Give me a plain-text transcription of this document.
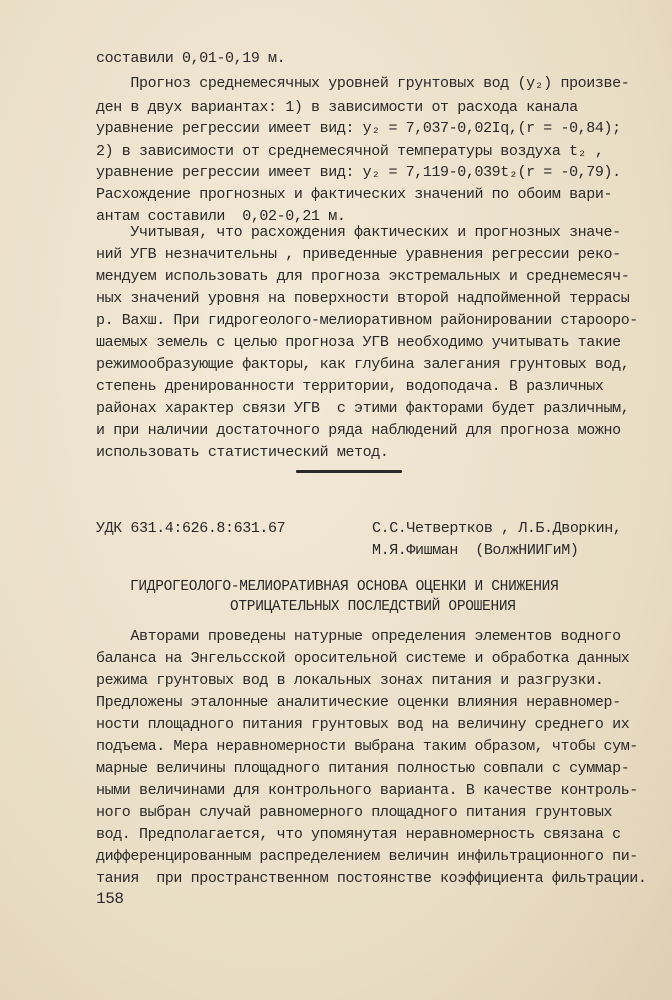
составили 0,01-0,19 м.
Прогноз среднемесячных уровней грунтовых вод (y₂) произве-
ден в двух вариантах: 1) в зависимости от расхода канала
уравнение регрессии имеет вид: y₂ = 7,037-0,02Iq,(r = -0,84);
2) в зависимости от среднемесячной температуры воздуха t₂ ,
уравнение регрессии имеет вид: y₂ = 7,119-0,039t₂(r = -0,79).
Расхождение прогнозных и фактических значений по обоим вари-
антам составили  0,02-0,21 м.
Учитывая, что расхождения фактических и прогнозных значе-
ний УГВ незначительны , приведенные уравнения регрессии реко-
мендуем использовать для прогноза экстремальных и среднемесяч-
ных значений уровня на поверхности второй надпойменной террасы
р. Вахш. При гидрогеолого-мелиоративном районировании староoро-
шаемых земель с целью прогноза УГВ необходимо учитывать такие
режимообразующие факторы, как глубина залегания грунтовых вод,
степень дренированности территории, водоподача. В различных
районах характер связи УГВ  с этими факторами будет различным,
и при наличии достаточного ряда наблюдений для прогноза можно
использовать статистический метод.
УДК 631.4:626.8:631.67	С.С.Четвертков , Л.Б.Дворкин,
М.Я.Фишман  (ВолжНИИГиМ)
ГИДРОГЕОЛОГО-МЕЛИОРАТИВНАЯ ОСНОВА ОЦЕНКИ И СНИЖЕНИЯ
ОТРИЦАТЕЛЬНЫХ ПОСЛЕДСТВИЙ ОРОШЕНИЯ
Авторами проведены натурные определения элементов водного
баланса на Энгельсской оросительной системе и обработка данных
режима грунтовых вод в локальных зонах питания и разгрузки.
Предложены эталонные аналитические оценки влияния неравномер-
ности площадного питания грунтовых вод на величину среднего их
подъема. Мера неравномерности выбрана таким образом, чтобы сум-
марные величины площадного питания полностью совпали с суммар-
ными величинами для контрольного варианта. В качестве контроль-
ного выбран случай равномерного площадного питания грунтовых
вод. Предполагается, что упомянутая неравномерность связана с
дифференцированным распределением величин инфильтрационного пи-
тания  при пространственном постоянстве коэффициента фильтрации.
158
